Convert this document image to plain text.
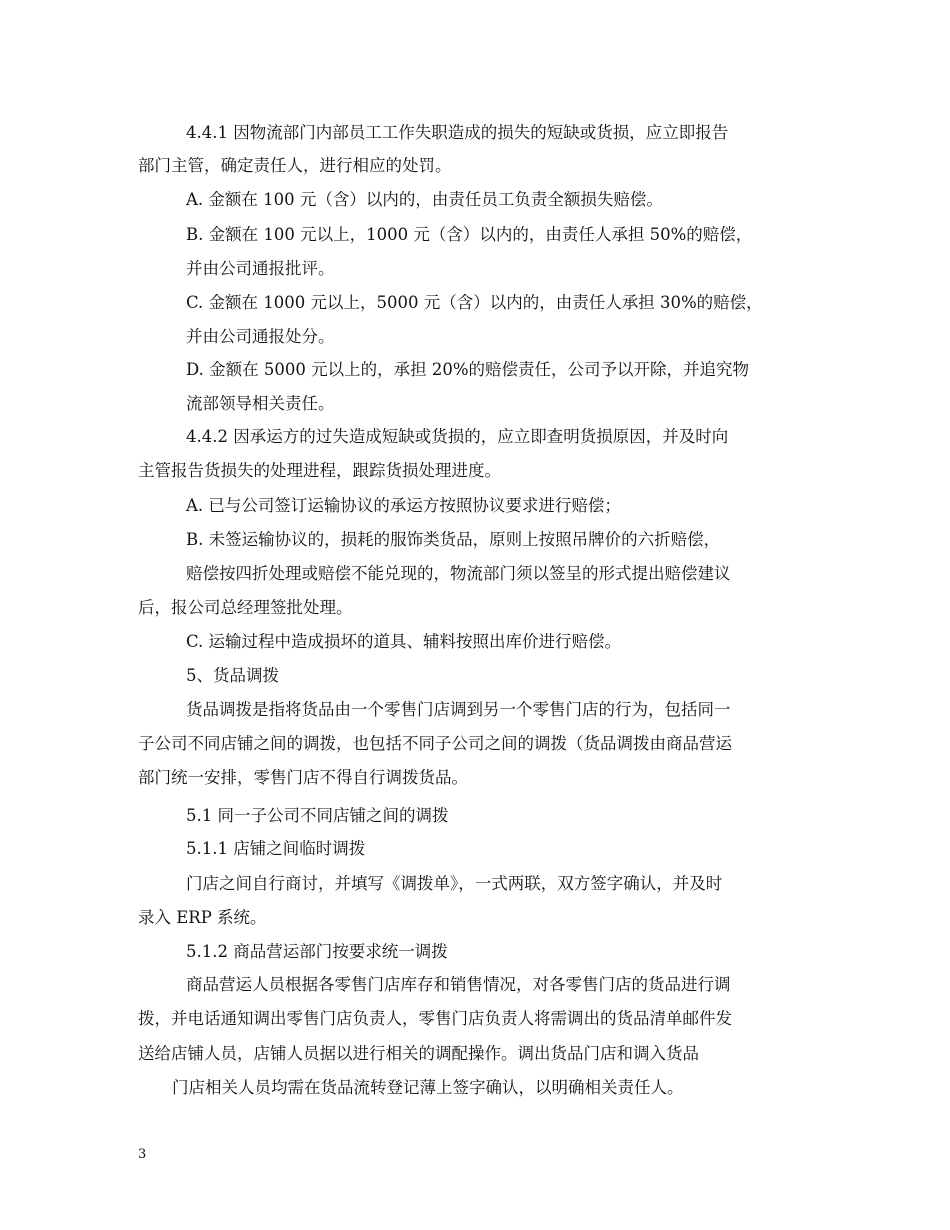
4.4.1 因物流部门内部员工工作失职造成的损失的短缺或货损，应立即报告
部门主管，确定责任人，进行相应的处罚。
A. 金额在 100 元（含）以内的，由责任员工负责全额损失赔偿。
B. 金额在 100 元以上，1000 元（含）以内的，由责任人承担 50%的赔偿，
并由公司通报批评。
C. 金额在 1000 元以上，5000 元（含）以内的，由责任人承担 30%的赔偿，
并由公司通报处分。
D. 金额在 5000 元以上的，承担 20%的赔偿责任，公司予以开除，并追究物
流部领导相关责任。
4.4.2 因承运方的过失造成短缺或货损的，应立即查明货损原因，并及时向
主管报告货损失的处理进程，跟踪货损处理进度。
A. 已与公司签订运输协议的承运方按照协议要求进行赔偿；
B. 未签运输协议的，损耗的服饰类货品，原则上按照吊牌价的六折赔偿，
赔偿按四折处理或赔偿不能兑现的，物流部门须以签呈的形式提出赔偿建议
后，报公司总经理签批处理。
C. 运输过程中造成损坏的道具、辅料按照出库价进行赔偿。
5、货品调拨
货品调拨是指将货品由一个零售门店调到另一个零售门店的行为，包括同一
子公司不同店铺之间的调拨，也包括不同子公司之间的调拨（货品调拨由商品营运
部门统一安排，零售门店不得自行调拨货品。
5.1 同一子公司不同店铺之间的调拨
5.1.1 店铺之间临时调拨
门店之间自行商讨，并填写《调拨单》，一式两联，双方签字确认，并及时
录入 ERP 系统。
5.1.2 商品营运部门按要求统一调拨
商品营运人员根据各零售门店库存和销售情况，对各零售门店的货品进行调
拨，并电话通知调出零售门店负责人，零售门店负责人将需调出的货品清单邮件发
送给店铺人员，店铺人员据以进行相关的调配操作。调出货品门店和调入货品
门店相关人员均需在货品流转登记薄上签字确认，以明确相关责任人。
3
